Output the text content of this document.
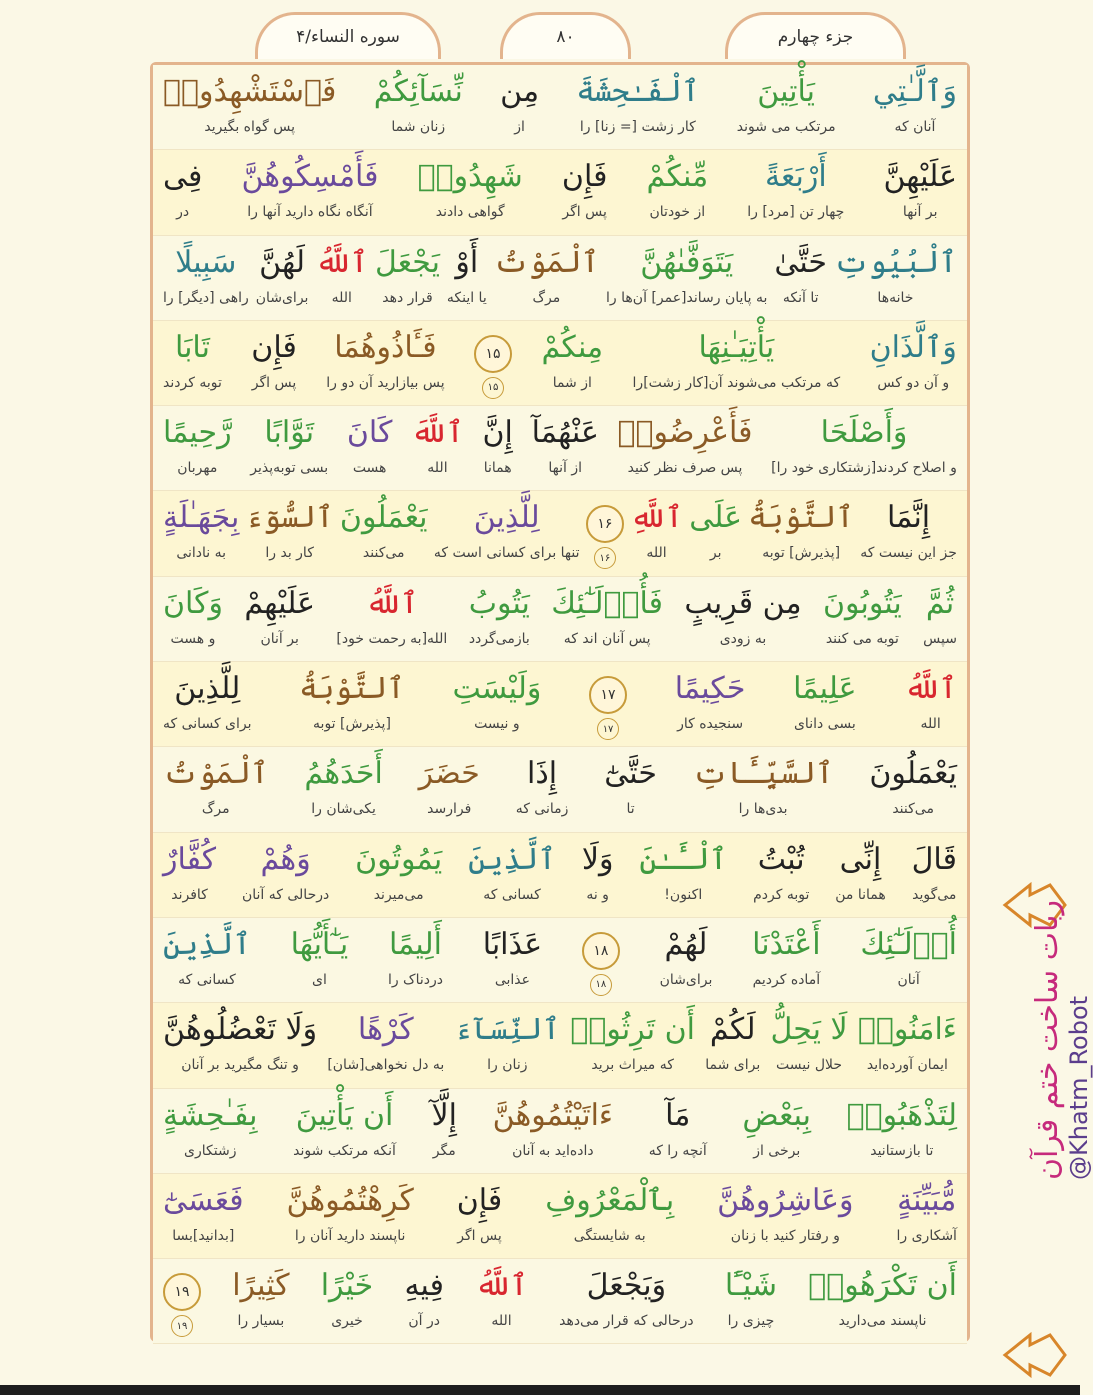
سوره النساء/۴	۸۰	جزء چهارم
وَٱلَّـٰتِي
آنان که
يَأْتِينَ
مرتکب می شوند
ٱلْفَـٰحِشَةَ
کار زشت [= زنا] را
مِن
از
نِّسَآئِكُمْ
زنان شما
فَٱسْتَشْهِدُوا۟
پس گواه بگیرید
عَلَيْهِنَّ
بر آنها
أَرْبَعَةً
چهار تن [مرد] را
مِّنكُمْ
از خودتان
فَإِن
پس اگر
شَهِدُوا۟
گواهی دادند
فَأَمْسِكُوهُنَّ
آنگاه نگاه دارید آنها را
فِى
در
ٱلْبُيُوتِ
خانه‌ها
حَتَّىٰ
تا آنکه
يَتَوَفَّىٰهُنَّ
به پایان رساند[عمر] آن‌ها را
ٱلْمَوْتُ
مرگ
أَوْ
یا اینکه
يَجْعَلَ
قرار دهد
ٱللَّهُ
الله
لَهُنَّ
برای‌شان
سَبِيلًا
راهی [دیگر] را
وَٱلَّذَانِ
و آن دو کس
يَأْتِيَـٰنِهَا
که مرتکب می‌شوند آن[کار زشت]را
مِنكُمْ
از شما
۱۵
۱۵
فَـَٔاذُوهُمَا
پس بیازارید آن دو را
فَإِن
پس اگر
تَابَا
توبه کردند
وَأَصْلَحَا
و اصلاح کردند[زشتکاری خود را]
فَأَعْرِضُوا۟
پس صرف نظر کنید
عَنْهُمَآ
از آنها
إِنَّ
همانا
ٱللَّهَ
الله
كَانَ
هست
تَوَّابًا
بسی توبه‌پذیر
رَّحِيمًا
مهربان
إِنَّمَا
جز این نیست که
ٱلتَّوْبَةُ
[پذیرش] توبه
عَلَى
بر
ٱللَّهِ
الله
۱۶
۱۶
لِلَّذِينَ
تنها برای کسانی است که
يَعْمَلُونَ
می‌کنند
ٱلسُّوٓءَ
کار بد را
بِجَهَـٰلَةٍ
به نادانی
ثُمَّ
سپس
يَتُوبُونَ
توبه می کنند
مِن قَرِيبٍ
به زودی
فَأُو۟لَـٰٓئِكَ
پس آنان اند که
يَتُوبُ
بازمی‌گردد
ٱللَّهُ
الله[به رحمت خود]
عَلَيْهِمْ
بر آنان
وَكَانَ
و هست
ٱللَّهُ
الله
عَلِيمًا
بسی دانای
حَكِيمًا
سنجیده کار
۱۷
۱۷
وَلَيْسَتِ
و نیست
ٱلتَّوْبَةُ
[پذیرش] توبه
لِلَّذِينَ
برای کسانی که
يَعْمَلُونَ
می‌کنند
ٱلسَّيِّـَٔاتِ
بدی‌ها را
حَتَّىٰٓ
تا
إِذَا
زمانی که
حَضَرَ
فرارسد
أَحَدَهُمُ
یکی‌شان را
ٱلْمَوْتُ
مرگ
قَالَ
می‌گوید
إِنِّى
همانا من
تُبْتُ
توبه کردم
ٱلْـَٔـٰنَ
اکنون!
وَلَا
و نه
ٱلَّذِينَ
کسانی که
يَمُوتُونَ
می‌میرند
وَهُمْ
درحالی که آنان
كُفَّارٌ
کافرند
أُو۟لَـٰٓئِكَ
آنان
أَعْتَدْنَا
آماده کردیم
لَهُمْ
برای‌شان
۱۸
۱۸
عَذَابًا
عذابی
أَلِيمًا
دردناک را
يَـٰٓأَيُّهَا
ای
ٱلَّذِينَ
کسانی که
ءَامَنُوا۟
ایمان آورده‌اید
لَا يَحِلُّ
حلال نیست
لَكُمْ
برای شما
أَن تَرِثُوا۟
که میراث برید
ٱلنِّسَآءَ
زنان را
كَرْهًا
به دل نخواهی[شان]
وَلَا تَعْضُلُوهُنَّ
و تنگ مگیرید بر آنان
لِتَذْهَبُوا۟
تا بازستانید
بِبَعْضِ
برخی از
مَآ
آنچه را که
ءَاتَيْتُمُوهُنَّ
داده‌اید به آنان
إِلَّآ
مگر
أَن يَأْتِينَ
آنکه مرتکب شوند
بِفَـٰحِشَةٍ
زشتکاری
مُّبَيِّنَةٍ
آشکاری را
وَعَاشِرُوهُنَّ
و رفتار کنید با زنان
بِٱلْمَعْرُوفِ
به شایستگی
فَإِن
پس اگر
كَرِهْتُمُوهُنَّ
ناپسند دارید آنان را
فَعَسَىٰٓ
[بدانید]بسا
أَن تَكْرَهُوا۟
ناپسند می‌دارید
شَيْـًٔا
چیزی را
وَيَجْعَلَ
درحالی که قرار می‌دهد
ٱللَّهُ
الله
فِيهِ
در آن
خَيْرًا
خیری
كَثِيرًا
بسیار را
۱۹
۱۹
ربات ساخت ختم قرآن @Khatm_Robot
